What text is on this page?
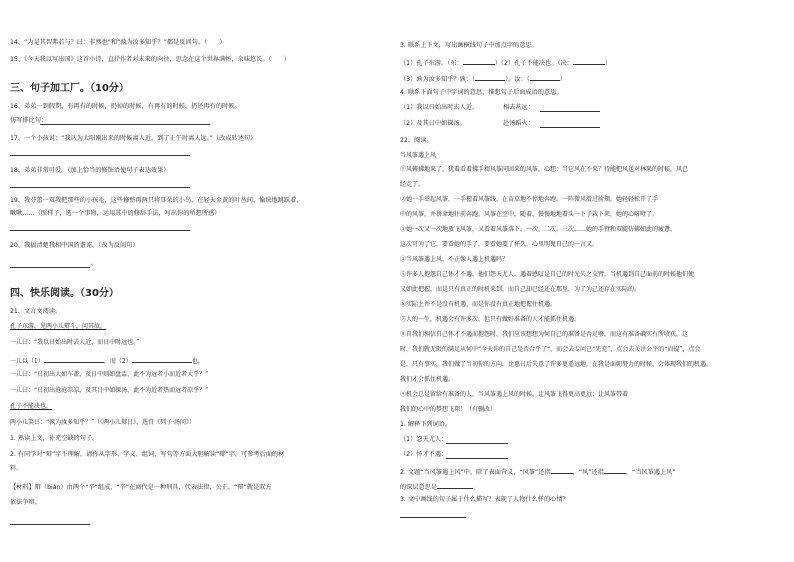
14、“为是其智弗若与？曰：非然也”和“孰为汝多知乎？”都是反问句。（　　）
15、《今天我以写出国》这首小诗，直抒作者对未来的向往，思念在这个世界满怀，余味悠长。（　　）
三、句子加工厂。（10分）
16、弟弟一到假期，有再有的时候，扔掉的时候，有再有的时候，扔还再有的时候。
仿写排比句：
17、一个小孩说：“我认为太阳刚出来的时候离人近，到了正午时离人远。”（改成转述句）
18、弟弟非常可爱。（加上恰当的修饰语使句子表达效果）
19、我芬蕾一双我把那些的小孩毛，这些修整再两只将耳朵的小鸟，在轻天金黄的叶丛间，愉快地跳跃着，
啾啾……（照样子，选一个事物，运用其中的修辞手法，写出你的所想所感）
20、我搞清楚我相中国的谐谑。（改为反问句）
。
四、快乐阅读。（30分）
21、文言文阅读。
孔子东游，见两小儿辩斗，问其故。
一儿曰：“我以日始出时去人近，而日中时远也。”
一儿以（1）	，而（2）	也。
一儿曰：“日初出大如车盖，及日中则如盘盂，此不为远者小而近者大乎？”
一儿曰：“日初出沧沧凉凉，及其日中如探汤，此不为近者热而远者凉乎？”
孔子不能决也。
两小儿笑曰：“孰为汝多知乎？”（《两小儿辩日》，选自《列子·汤问》）
1. 熟读上文，补充空缺的句子。
2. 有同学对“辩”字不理解，请你从字形、字义、组词、写句等方面大胆解读“辩”字，可参考后面的材
料。
【材料】辩（biàn）由两个“辛”组成，“辛”在商代是一种刑具，代表法律，公正。“辩”就是双方
依法争辩。
3. 联系上下文，写出画横线句子中加点字的意思。
（1）孔子东游。（东：	）（2）孔子不能决也。（决：	）
（3）孰为汝多知乎？孰：（	）。汝：（	）
4. 联系下面句子中字词的意思，推想句子后面成语的意思。
（1）我以日始出时去人近。	相去甚远：
（2）及其日中如探汤。	赴汤蹈火：
22、阅读。
当风筝遇上风
①风俯拂地来了，犹着看着拂手精风筝同回来的风筝，心想：当它风在不来？待能把风送对林来的时候，风已
经走了。
②她一手举起风筝，一手握着风筝线，在苗草地不停地奔跑。一阵微风滑过脸颊，她轻轻松开了手
中的风筝，并拼命地往前奔跑。风筝在空中，随着，慢慢地地着头一下子栽下来，她的心咯噔了。
③她一次又一次地放飞风筝，又看着风筝落下。一次，二次，三次……她的手臂和双腿仿佛如此的疲惫，
这次可为了它，要看她的手了，要看她要了杯久，心里明鬼自己的一言又。
④当风筝遇上风，不正像人遇上机遇吗？
⑤许多人抱怨自己怀才不遇，他们怨天尤人，遇着感叹是自己的时光失之交臂，当机遇到自己面前的时候他们便
又如此把握，而是只有真正的时机来到，而自己却已经还在那里，为了为己还存在实际的。
⑥实际上并不是没有机遇，而是你没有真正地把握住机遇。
⑦人的一生，机遇会有许多次，但只有做好准备的人才能抓住机遇。
⑧自我们相信自己怀才不遇而抱怨时，我们应该想想为何自己的准备是否足够，而这有准备确实有所收获，这
时，我们就无限的满足从何中“今天你的自己是否合乎了“，而会去专问己“先充”，点会去关注公平的“而提”，点会
是，只有事实，我们做了当初你的方向，比惠日后失意了许多更遥远地，在我是面朝努力的时候，会体现我们的机遇，
我们才会抓住机遇。
⑨机会总是留给有准备的人，当风筝遇上风的时候，让风筝飞得更高更远；让风筝带着
我们的心中的梦想飞翔！（有删改）
1. 解释下列词语。
（1）怨天尤人：
（2）怀才不遇：
2. 文题“当风筝遇上风”中，除了表面含义，“风筝”还指	，“风”还指	，“当风筝遇上风”
的深层意思是	。
3. 文中画线的句子属于什么描写？表现了人物什么样的心情？
